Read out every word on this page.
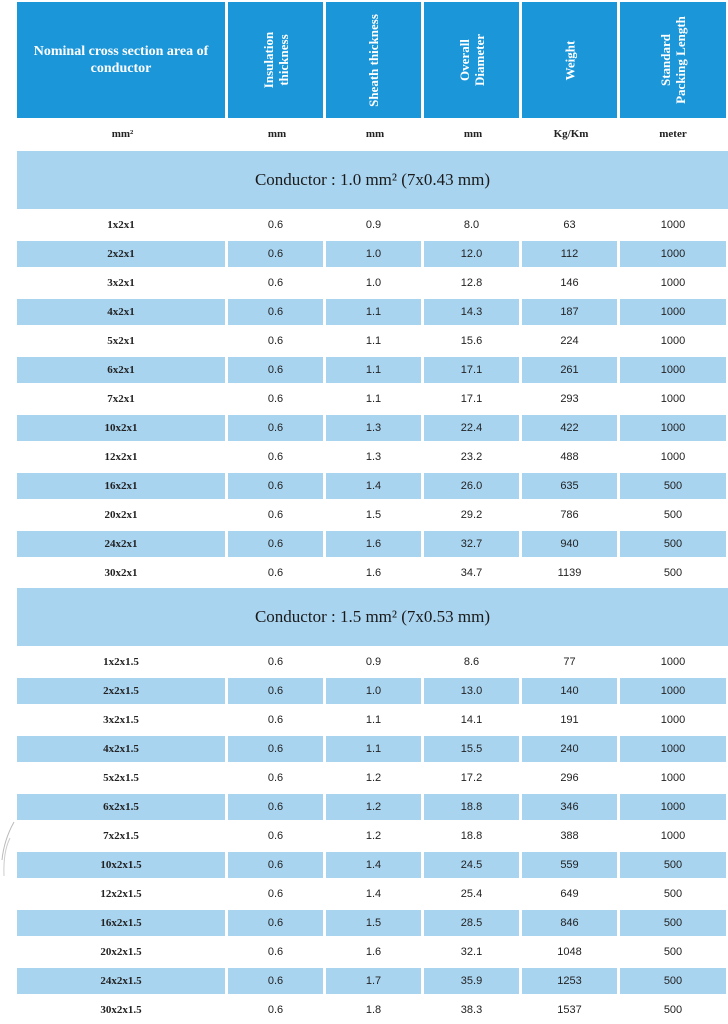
Nominal cross section area of conductor	Insulation thickness	Sheath thickness	Overall Diameter	Weight	Standard Packing Length
mm²	mm	mm	mm	Kg/Km	meter
Conductor : 1.0 mm² (7x0.43 mm)
1x2x1	0.6	0.9	8.0	63	1000
2x2x1	0.6	1.0	12.0	112	1000
3x2x1	0.6	1.0	12.8	146	1000
4x2x1	0.6	1.1	14.3	187	1000
5x2x1	0.6	1.1	15.6	224	1000
6x2x1	0.6	1.1	17.1	261	1000
7x2x1	0.6	1.1	17.1	293	1000
10x2x1	0.6	1.3	22.4	422	1000
12x2x1	0.6	1.3	23.2	488	1000
16x2x1	0.6	1.4	26.0	635	500
20x2x1	0.6	1.5	29.2	786	500
24x2x1	0.6	1.6	32.7	940	500
30x2x1	0.6	1.6	34.7	1139	500
Conductor : 1.5 mm² (7x0.53 mm)
1x2x1.5	0.6	0.9	8.6	77	1000
2x2x1.5	0.6	1.0	13.0	140	1000
3x2x1.5	0.6	1.1	14.1	191	1000
4x2x1.5	0.6	1.1	15.5	240	1000
5x2x1.5	0.6	1.2	17.2	296	1000
6x2x1.5	0.6	1.2	18.8	346	1000
7x2x1.5	0.6	1.2	18.8	388	1000
10x2x1.5	0.6	1.4	24.5	559	500
12x2x1.5	0.6	1.4	25.4	649	500
16x2x1.5	0.6	1.5	28.5	846	500
20x2x1.5	0.6	1.6	32.1	1048	500
24x2x1.5	0.6	1.7	35.9	1253	500
30x2x1.5	0.6	1.8	38.3	1537	500
